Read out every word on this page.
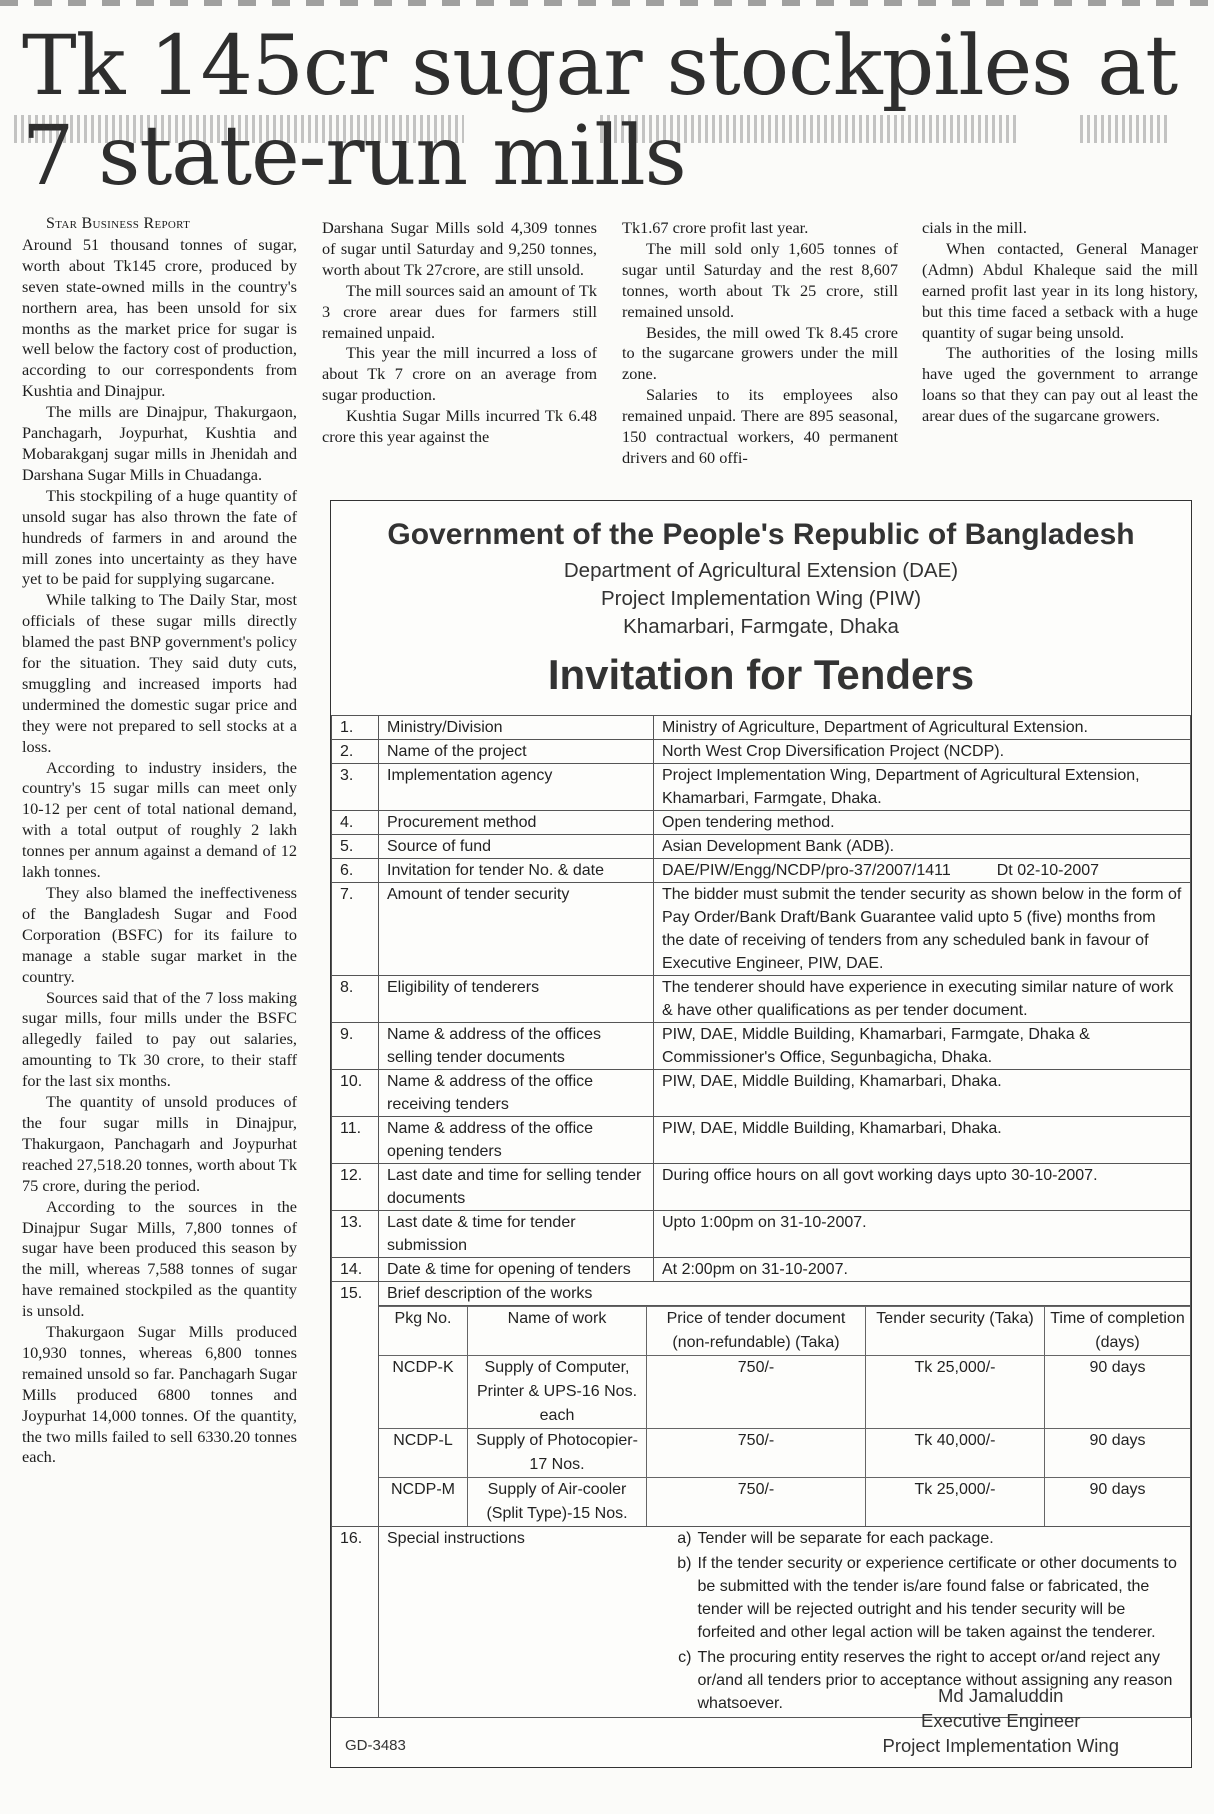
Tk 145cr sugar stockpiles at 7 state-run mills

Star Business Report

Around 51 thousand tonnes of sugar, worth about Tk145 crore, produced by seven state-owned mills in the country's northern area, has been unsold for six months as the market price for sugar is well below the factory cost of production, according to our correspondents from Kushtia and Dinajpur.

The mills are Dinajpur, Thakurgaon, Panchagarh, Joypurhat, Kushtia and Mobarakganj sugar mills in Jhenidah and Darshana Sugar Mills in Chuadanga.

This stockpiling of a huge quantity of unsold sugar has also thrown the fate of hundreds of farmers in and around the mill zones into uncertainty as they have yet to be paid for supplying sugarcane.

While talking to The Daily Star, most officials of these sugar mills directly blamed the past BNP government's policy for the situation. They said duty cuts, smuggling and increased imports had undermined the domestic sugar price and they were not prepared to sell stocks at a loss.

According to industry insiders, the country's 15 sugar mills can meet only 10-12 per cent of total national demand, with a total output of roughly 2 lakh tonnes per annum against a demand of 12 lakh tonnes.

They also blamed the ineffectiveness of the Bangladesh Sugar and Food Corporation (BSFC) for its failure to manage a stable sugar market in the country.

Sources said that of the 7 loss making sugar mills, four mills under the BSFC allegedly failed to pay out salaries, amounting to Tk 30 crore, to their staff for the last six months.

The quantity of unsold produces of the four sugar mills in Dinajpur, Thakurgaon, Panchagarh and Joypurhat reached 27,518.20 tonnes, worth about Tk 75 crore, during the period.

According to the sources in the Dinajpur Sugar Mills, 7,800 tonnes of sugar have been produced this season by the mill, whereas 7,588 tonnes of sugar have remained stockpiled as the quantity is unsold.

Thakurgaon Sugar Mills produced 10,930 tonnes, whereas 6,800 tonnes remained unsold so far. Panchagarh Sugar Mills produced 6800 tonnes and Joypurhat 14,000 tonnes. Of the quantity, the two mills failed to sell 6330.20 tonnes each.

Darshana Sugar Mills sold 4,309 tonnes of sugar until Saturday and 9,250 tonnes, worth about Tk 27crore, are still unsold.

The mill sources said an amount of Tk 3 crore arear dues for farmers still remained unpaid.

This year the mill incurred a loss of about Tk 7 crore on an average from sugar production.

Kushtia Sugar Mills incurred Tk 6.48 crore this year against the

Tk1.67 crore profit last year.

The mill sold only 1,605 tonnes of sugar until Saturday and the rest 8,607 tonnes, worth about Tk 25 crore, still remained unsold.

Besides, the mill owed Tk 8.45 crore to the sugarcane growers under the mill zone.

Salaries to its employees also remained unpaid. There are 895 seasonal, 150 contractual workers, 40 permanent drivers and 60 offi-

cials in the mill.

When contacted, General Manager (Admn) Abdul Khaleque said the mill earned profit last year in its long history, but this time faced a setback with a huge quantity of sugar being unsold.

The authorities of the losing mills have uged the government to arrange loans so that they can pay out al least the arear dues of the sugarcane growers.

Government of the People's Republic of Bangladesh

Department of Agricultural Extension (DAE)

Project Implementation Wing (PIW)

Khamarbari, Farmgate, Dhaka

Invitation for Tenders

1.	Ministry/Division	Ministry of Agriculture, Department of Agricultural Extension.
2.	Name of the project	North West Crop Diversification Project (NCDP).
3.	Implementation agency	Project Implementation Wing, Department of Agricultural Extension, Khamarbari, Farmgate, Dhaka.
4.	Procurement method	Open tendering method.
5.	Source of fund	Asian Development Bank (ADB).
6.	Invitation for tender No. & date	DAE/PIW/Engg/NCDP/pro-37/2007/1411	Dt 02-10-2007
7.	Amount of tender security	The bidder must submit the tender security as shown below in the form of Pay Order/Bank Draft/Bank Guarantee valid upto 5 (five) months from the date of receiving of tenders from any scheduled bank in favour of Executive Engineer, PIW, DAE.
8.	Eligibility of tenderers	The tenderer should have experience in executing similar nature of work & have other qualifications as per tender document.
9.	Name & address of the offices selling tender documents	PIW, DAE, Middle Building, Khamarbari, Farmgate, Dhaka & Commissioner's Office, Segunbagicha, Dhaka.
10.	Name & address of the office receiving tenders	PIW, DAE, Middle Building, Khamarbari, Dhaka.
11.	Name & address of the office opening tenders	PIW, DAE, Middle Building, Khamarbari, Dhaka.
12.	Last date and time for selling tender documents	During office hours on all govt working days upto 30-10-2007.
13.	Last date & time for tender submission	Upto 1:00pm on 31-10-2007.
14.	Date & time for opening of tenders	At 2:00pm on 31-10-2007.
15.	Brief description of the works

Pkg No.	Name of work	Price of tender document (non-refundable) (Taka)	Tender security (Taka)	Time of completion (days)
NCDP-K	Supply of Computer, Printer & UPS-16 Nos. each	750/-	Tk 25,000/-	90 days
NCDP-L	Supply of Photocopier-17 Nos.	750/-	Tk 40,000/-	90 days
NCDP-M	Supply of Air-cooler (Split Type)-15 Nos.	750/-	Tk 25,000/-	90 days

16.	Special instructions	a) Tender will be separate for each package.
b) If the tender security or experience certificate or other documents to be submitted with the tender is/are found false or fabricated, the tender will be rejected outright and his tender security will be forfeited and other legal action will be taken against the tenderer.
c) The procuring entity reserves the right to accept or/and reject any or/and all tenders prior to acceptance without assigning any reason whatsoever.	Md Jamaluddin
Executive Engineer
Project Implementation Wing
GD-3483
